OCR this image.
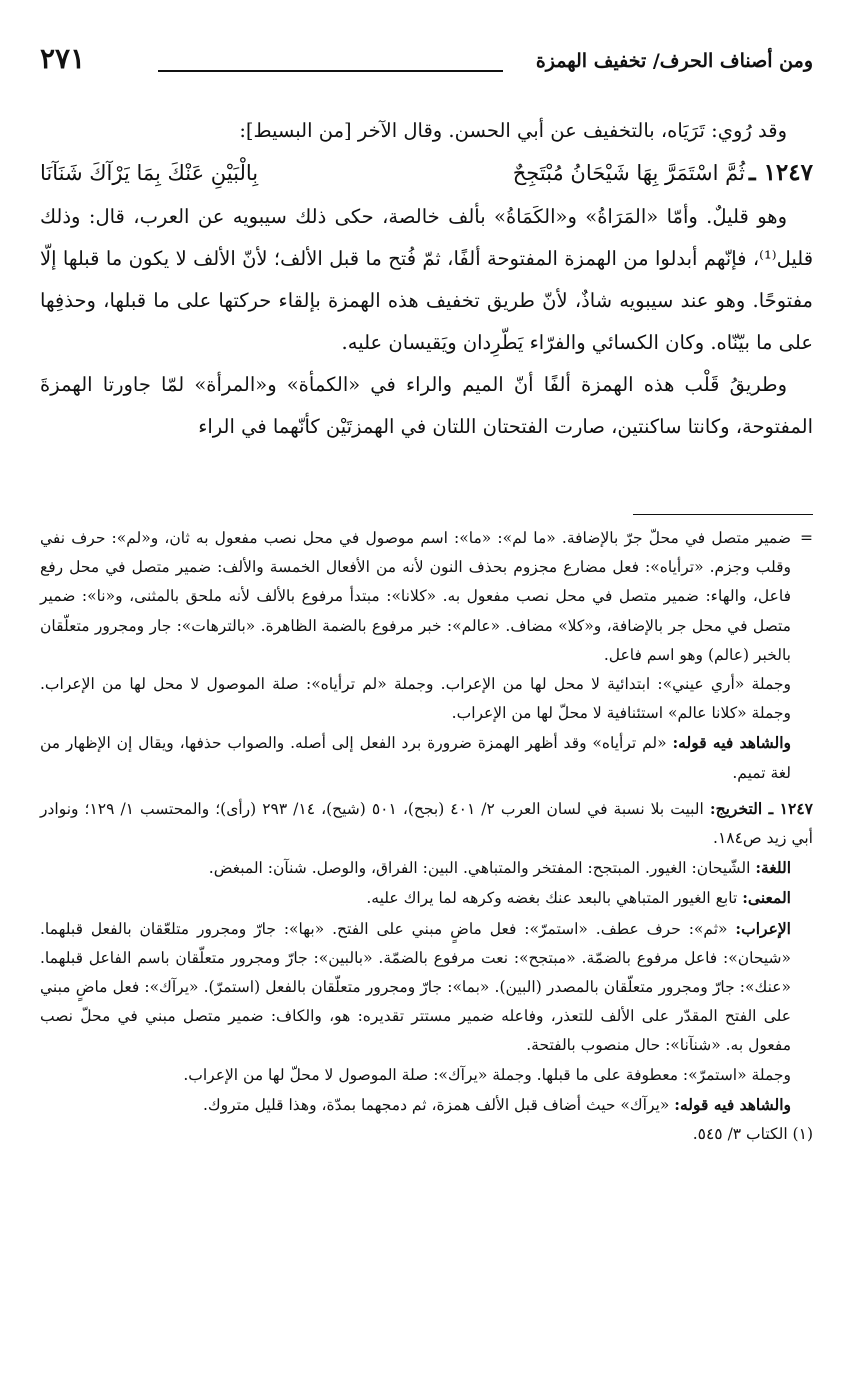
ومن أصناف الحرف/ تخفيف الهمزة
٢٧١

وقد رُوي: تَرَيَاه، بالتخفيف عن أبي الحسن. وقال الآخر [من البسيط]:

١٢٤٧ ـ
ثُمَّ اسْتَمَرَّ بِهَا شَيْحَانُ مُبْتَجِحٌ
بِالْبَيْنِ عَنْكَ بِمَا يَرْآكَ شَنَآنَا

وهو قليلٌ. وأمّا «المَرَاةُ» و«الكَمَاةُ» بألف خالصة، حكى ذلك سيبويه عن العرب، قال: وذلك قليل⁽¹⁾، فإنّهم أبدلوا من الهمزة المفتوحة ألفًا، ثمّ فُتح ما قبل الألف؛ لأنّ الألف لا يكون ما قبلها إلّا مفتوحًا. وهو عند سيبويه شاذٌ، لأنّ طريق تخفيف هذه الهمزة بإلقاء حركتها على ما قبلها، وحذفِها على ما بيّنّاه. وكان الكسائي والفرّاء يَطّرِدان ويَقيسان عليه.

وطريقُ قَلْب هذه الهمزة ألفًا أنّ الميم والراء في «الكمأة» و«المرأة» لمّا جاورتا الهمزةَ المفتوحة، وكانتا ساكنتين، صارت الفتحتان اللتان في الهمزتَيْن كأنّهما في الراء

=

ضمير متصل في محلّ جرّ بالإضافة. «ما لم»: «ما»: اسم موصول في محل نصب مفعول به ثان، و«لم»: حرف نفي وقلب وجزم. «ترأياه»: فعل مضارع مجزوم بحذف النون لأنه من الأفعال الخمسة والألف: ضمير متصل في محل رفع فاعل، والهاء: ضمير متصل في محل نصب مفعول به. «كلانا»: مبتدأ مرفوع بالألف لأنه ملحق بالمثنى، و«نا»: ضمير متصل في محل جر بالإضافة، و«كلا» مضاف. «عالم»: خبر مرفوع بالضمة الظاهرة. «بالترهات»: جار ومجرور متعلّقان بالخبر (عالم) وهو اسم فاعل.

وجملة «أري عيني»: ابتدائية لا محل لها من الإعراب. وجملة «لم ترأياه»: صلة الموصول لا محل لها من الإعراب. وجملة «كلانا عالم» استئنافية لا محلّ لها من الإعراب.

والشاهد فيه قوله: «لم ترأياه» وقد أظهر الهمزة ضرورة برد الفعل إلى أصله. والصواب حذفها، ويقال إن الإظهار من لغة تميم.

١٢٤٧ ـ التخريج: البيت بلا نسبة في لسان العرب ٢/ ٤٠١ (بجح)، ٥٠١ (شيح)، ١٤/ ٢٩٣ (رأى)؛ والمحتسب ١/ ١٢٩؛ ونوادر أبي زيد ص١٨٤.

اللغة: الشّيحان: الغيور. المبتجح: المفتخر والمتباهي. البين: الفراق، والوصل. شنآن: المبغض.

المعنى: تابع الغيور المتباهي بالبعد عنك بغضه وكرهه لما يراك عليه.

الإعراب: «ثم»: حرف عطف. «استمرّ»: فعل ماضٍ مبني على الفتح. «بها»: جارّ ومجرور متلعّقان بالفعل قبلهما. «شيحان»: فاعل مرفوع بالضمّة. «مبتجح»: نعت مرفوع بالضمّة. «بالبين»: جارّ ومجرور متعلّقان باسم الفاعل قبلهما. «عنك»: جارّ ومجرور متعلّقان بالمصدر (البين). «بما»: جارّ ومجرور متعلّقان بالفعل (استمرّ). «يرآك»: فعل ماضٍ مبني على الفتح المقدّر على الألف للتعذر، وفاعله ضمير مستتر تقديره: هو، والكاف: ضمير متصل مبني في محلّ نصب مفعول به. «شنآنا»: حال منصوب بالفتحة.

وجملة «استمرّ»: معطوفة على ما قبلها. وجملة «يرآك»: صلة الموصول لا محلّ لها من الإعراب.

والشاهد فيه قوله: «يرآك» حيث أضاف قبل الألف همزة، ثم دمجهما بمدّة، وهذا قليل متروك.

(١) الكتاب ٣/ ٥٤٥.
